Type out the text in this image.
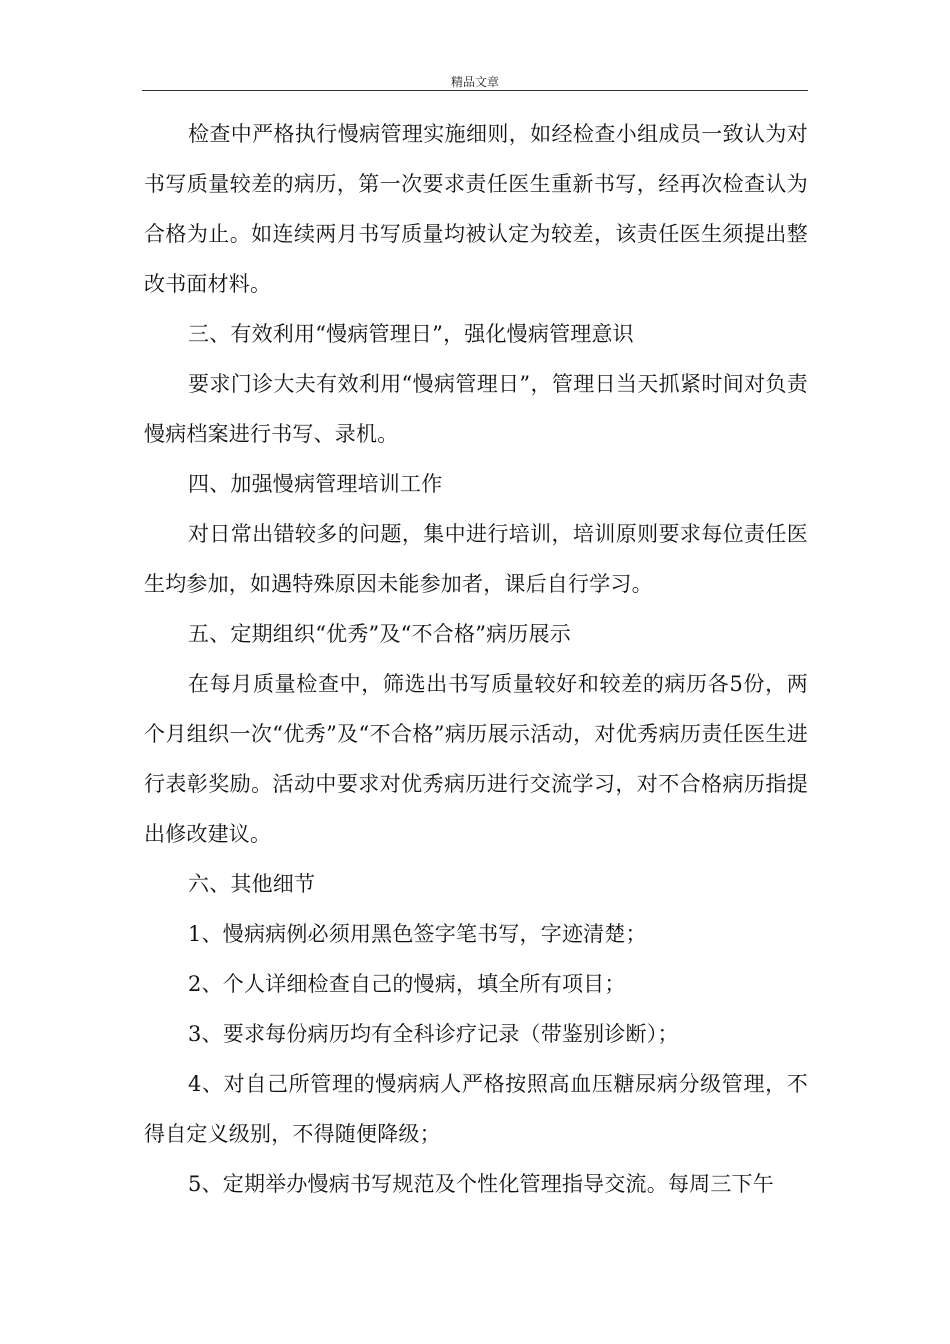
精品文章

检查中严格执行慢病管理实施细则，如经检查小组成员一致认为对书写质量较差的病历，第一次要求责任医生重新书写，经再次检查认为合格为止。如连续两月书写质量均被认定为较差，该责任医生须提出整改书面材料。

三、有效利用“慢病管理日”，强化慢病管理意识

要求门诊大夫有效利用“慢病管理日”，管理日当天抓紧时间对负责慢病档案进行书写、录机。

四、加强慢病管理培训工作

对日常出错较多的问题，集中进行培训，培训原则要求每位责任医生均参加，如遇特殊原因未能参加者，课后自行学习。

五、定期组织“优秀”及“不合格”病历展示

在每月质量检查中，筛选出书写质量较好和较差的病历各5份，两个月组织一次“优秀”及“不合格”病历展示活动，对优秀病历责任医生进行表彰奖励。活动中要求对优秀病历进行交流学习，对不合格病历指提出修改建议。

六、其他细节

1、慢病病例必须用黑色签字笔书写，字迹清楚；

2、个人详细检查自己的慢病，填全所有项目；

3、要求每份病历均有全科诊疗记录（带鉴别诊断）；

4、对自己所管理的慢病病人严格按照高血压糖尿病分级管理，不得自定义级别，不得随便降级；

5、定期举办慢病书写规范及个性化管理指导交流。每周三下午
